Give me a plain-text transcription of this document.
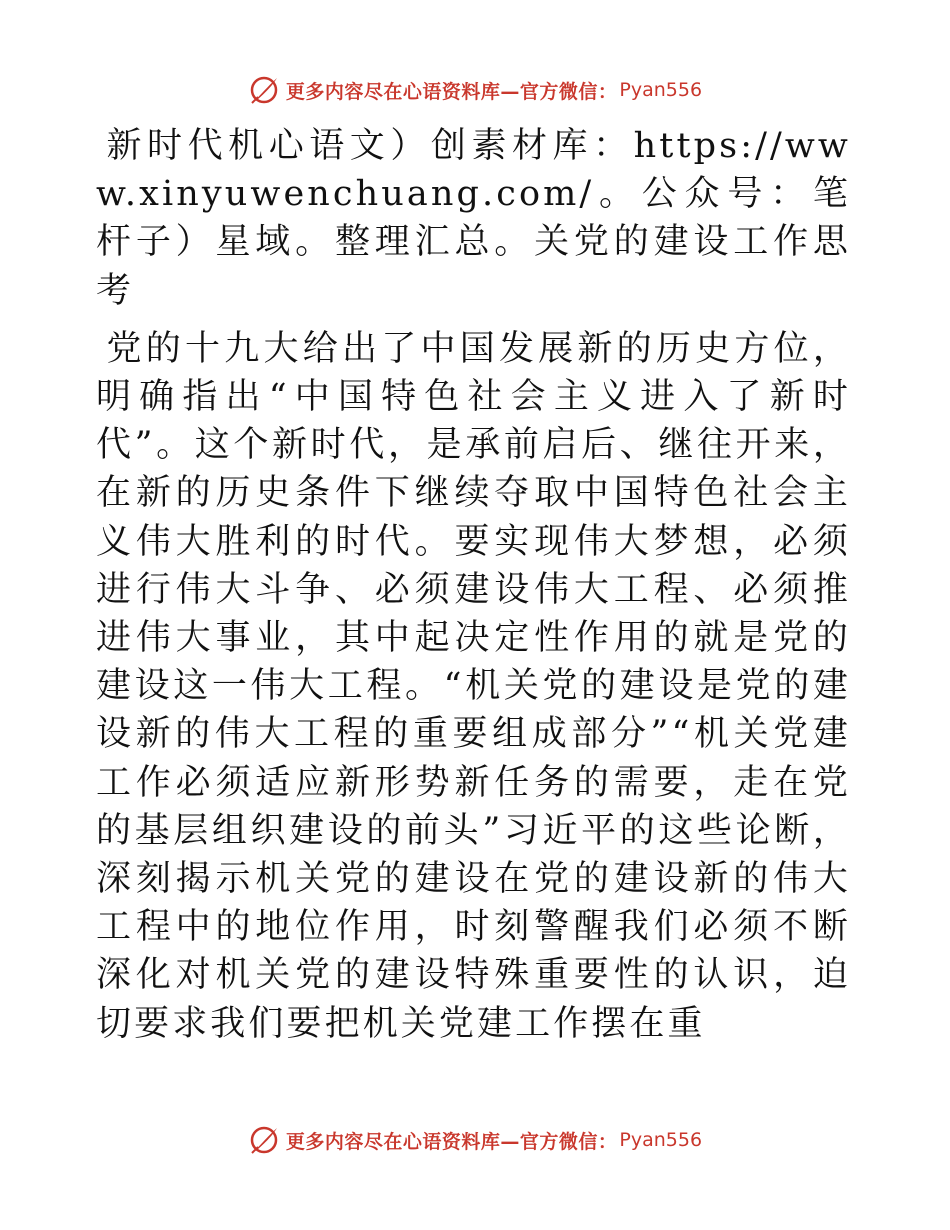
更多内容尽在心语资料库—官方微信： Pyan556

新时代机心语文）创素材库：https://www.xinyuwenchuang.com/。公众号：笔杆子）星域。整理汇总。关党的建设工作思考

党的十九大给出了中国发展新的历史方位，明确指出“中国特色社会主义进入了新时代”。这个新时代，是承前启后、继往开来，在新的历史条件下继续夺取中国特色社会主义伟大胜利的时代。要实现伟大梦想，必须进行伟大斗争、必须建设伟大工程、必须推进伟大事业，其中起决定性作用的就是党的建设这一伟大工程。“机关党的建设是党的建设新的伟大工程的重要组成部分”“机关党建工作必须适应新形势新任务的需要，走在党的基层组织建设的前头”习近平的这些论断，深刻揭示机关党的建设在党的建设新的伟大工程中的地位作用，时刻警醒我们必须不断深化对机关党的建设特殊重要性的认识，迫切要求我们要把机关党建工作摆在重

更多内容尽在心语资料库—官方微信： Pyan556
